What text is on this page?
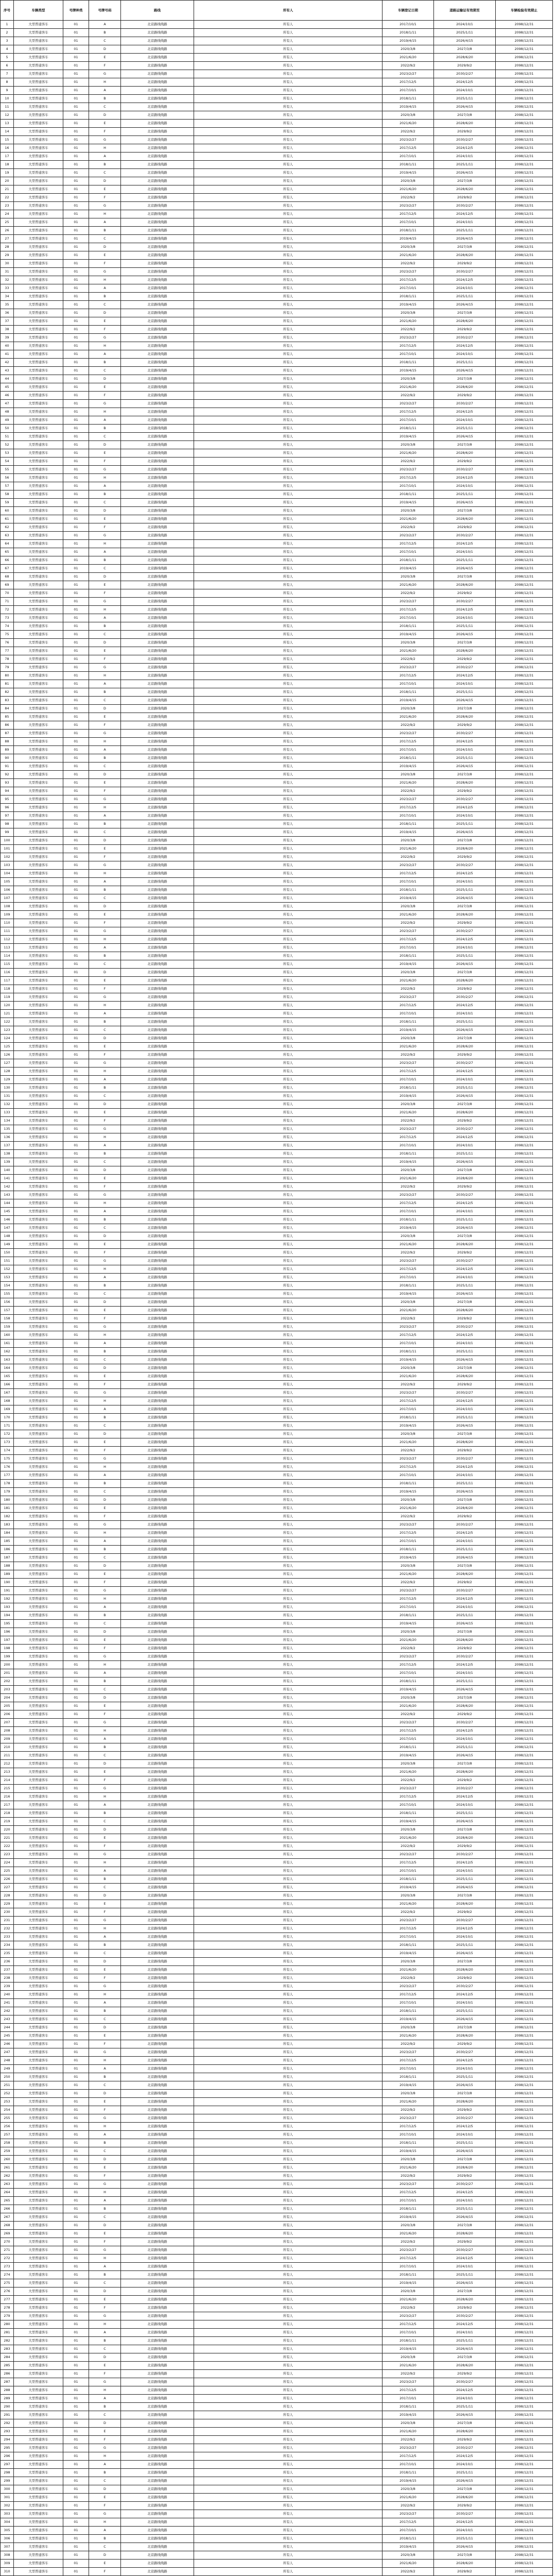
序号	车辆类型	号牌种类	号牌号码	路线	所有人	车辆登记日期	道路运输证有效期至	车辆检验有效期止
1	大型普通客车	01	A	北京路线线路	所有人	2017/10/1	2024/10/1	2098/12/31
2	大型普通客车	01	B	北京路线线路	所有人	2018/1/11	2025/1/11	2098/12/31
3	大型普通客车	01	C	北京路线线路	所有人	2019/4/15	2026/4/15	2098/12/31
4	大型普通客车	01	D	北京路线线路	所有人	2020/3/8	2027/3/8	2098/12/31
5	大型普通客车	01	E	北京路线线路	所有人	2021/6/20	2028/6/20	2098/12/31
6	大型普通客车	01	F	北京路线线路	所有人	2022/9/2	2029/9/2	2098/12/31
7	大型普通客车	01	G	北京路线线路	所有人	2023/2/27	2030/2/27	2098/12/31
8	大型普通客车	01	H	北京路线线路	所有人	2017/12/5	2024/12/5	2098/12/31
9	大型普通客车	01	A	北京路线线路	所有人	2017/10/1	2024/10/1	2098/12/31
10	大型普通客车	01	B	北京路线线路	所有人	2018/1/11	2025/1/11	2098/12/31
11	大型普通客车	01	C	北京路线线路	所有人	2019/4/15	2026/4/15	2098/12/31
12	大型普通客车	01	D	北京路线线路	所有人	2020/3/8	2027/3/8	2098/12/31
13	大型普通客车	01	E	北京路线线路	所有人	2021/6/20	2028/6/20	2098/12/31
14	大型普通客车	01	F	北京路线线路	所有人	2022/9/2	2029/9/2	2098/12/31
15	大型普通客车	01	G	北京路线线路	所有人	2023/2/27	2030/2/27	2098/12/31
16	大型普通客车	01	H	北京路线线路	所有人	2017/12/5	2024/12/5	2098/12/31
17	大型普通客车	01	A	北京路线线路	所有人	2017/10/1	2024/10/1	2098/12/31
18	大型普通客车	01	B	北京路线线路	所有人	2018/1/11	2025/1/11	2098/12/31
19	大型普通客车	01	C	北京路线线路	所有人	2019/4/15	2026/4/15	2098/12/31
20	大型普通客车	01	D	北京路线线路	所有人	2020/3/8	2027/3/8	2098/12/31
21	大型普通客车	01	E	北京路线线路	所有人	2021/6/20	2028/6/20	2098/12/31
22	大型普通客车	01	F	北京路线线路	所有人	2022/9/2	2029/9/2	2098/12/31
23	大型普通客车	01	G	北京路线线路	所有人	2023/2/27	2030/2/27	2098/12/31
24	大型普通客车	01	H	北京路线线路	所有人	2017/12/5	2024/12/5	2098/12/31
25	大型普通客车	01	A	北京路线线路	所有人	2017/10/1	2024/10/1	2098/12/31
26	大型普通客车	01	B	北京路线线路	所有人	2018/1/11	2025/1/11	2098/12/31
27	大型普通客车	01	C	北京路线线路	所有人	2019/4/15	2026/4/15	2098/12/31
28	大型普通客车	01	D	北京路线线路	所有人	2020/3/8	2027/3/8	2098/12/31
29	大型普通客车	01	E	北京路线线路	所有人	2021/6/20	2028/6/20	2098/12/31
30	大型普通客车	01	F	北京路线线路	所有人	2022/9/2	2029/9/2	2098/12/31
31	大型普通客车	01	G	北京路线线路	所有人	2023/2/27	2030/2/27	2098/12/31
32	大型普通客车	01	H	北京路线线路	所有人	2017/12/5	2024/12/5	2098/12/31
33	大型普通客车	01	A	北京路线线路	所有人	2017/10/1	2024/10/1	2098/12/31
34	大型普通客车	01	B	北京路线线路	所有人	2018/1/11	2025/1/11	2098/12/31
35	大型普通客车	01	C	北京路线线路	所有人	2019/4/15	2026/4/15	2098/12/31
36	大型普通客车	01	D	北京路线线路	所有人	2020/3/8	2027/3/8	2098/12/31
37	大型普通客车	01	E	北京路线线路	所有人	2021/6/20	2028/6/20	2098/12/31
38	大型普通客车	01	F	北京路线线路	所有人	2022/9/2	2029/9/2	2098/12/31
39	大型普通客车	01	G	北京路线线路	所有人	2023/2/27	2030/2/27	2098/12/31
40	大型普通客车	01	H	北京路线线路	所有人	2017/12/5	2024/12/5	2098/12/31
41	大型普通客车	01	A	北京路线线路	所有人	2017/10/1	2024/10/1	2098/12/31
42	大型普通客车	01	B	北京路线线路	所有人	2018/1/11	2025/1/11	2098/12/31
43	大型普通客车	01	C	北京路线线路	所有人	2019/4/15	2026/4/15	2098/12/31
44	大型普通客车	01	D	北京路线线路	所有人	2020/3/8	2027/3/8	2098/12/31
45	大型普通客车	01	E	北京路线线路	所有人	2021/6/20	2028/6/20	2098/12/31
46	大型普通客车	01	F	北京路线线路	所有人	2022/9/2	2029/9/2	2098/12/31
47	大型普通客车	01	G	北京路线线路	所有人	2023/2/27	2030/2/27	2098/12/31
48	大型普通客车	01	H	北京路线线路	所有人	2017/12/5	2024/12/5	2098/12/31
49	大型普通客车	01	A	北京路线线路	所有人	2017/10/1	2024/10/1	2098/12/31
50	大型普通客车	01	B	北京路线线路	所有人	2018/1/11	2025/1/11	2098/12/31
51	大型普通客车	01	C	北京路线线路	所有人	2019/4/15	2026/4/15	2098/12/31
52	大型普通客车	01	D	北京路线线路	所有人	2020/3/8	2027/3/8	2098/12/31
53	大型普通客车	01	E	北京路线线路	所有人	2021/6/20	2028/6/20	2098/12/31
54	大型普通客车	01	F	北京路线线路	所有人	2022/9/2	2029/9/2	2098/12/31
55	大型普通客车	01	G	北京路线线路	所有人	2023/2/27	2030/2/27	2098/12/31
56	大型普通客车	01	H	北京路线线路	所有人	2017/12/5	2024/12/5	2098/12/31
57	大型普通客车	01	A	北京路线线路	所有人	2017/10/1	2024/10/1	2098/12/31
58	大型普通客车	01	B	北京路线线路	所有人	2018/1/11	2025/1/11	2098/12/31
59	大型普通客车	01	C	北京路线线路	所有人	2019/4/15	2026/4/15	2098/12/31
60	大型普通客车	01	D	北京路线线路	所有人	2020/3/8	2027/3/8	2098/12/31
61	大型普通客车	01	E	北京路线线路	所有人	2021/6/20	2028/6/20	2098/12/31
62	大型普通客车	01	F	北京路线线路	所有人	2022/9/2	2029/9/2	2098/12/31
63	大型普通客车	01	G	北京路线线路	所有人	2023/2/27	2030/2/27	2098/12/31
64	大型普通客车	01	H	北京路线线路	所有人	2017/12/5	2024/12/5	2098/12/31
65	大型普通客车	01	A	北京路线线路	所有人	2017/10/1	2024/10/1	2098/12/31
66	大型普通客车	01	B	北京路线线路	所有人	2018/1/11	2025/1/11	2098/12/31
67	大型普通客车	01	C	北京路线线路	所有人	2019/4/15	2026/4/15	2098/12/31
68	大型普通客车	01	D	北京路线线路	所有人	2020/3/8	2027/3/8	2098/12/31
69	大型普通客车	01	E	北京路线线路	所有人	2021/6/20	2028/6/20	2098/12/31
70	大型普通客车	01	F	北京路线线路	所有人	2022/9/2	2029/9/2	2098/12/31
71	大型普通客车	01	G	北京路线线路	所有人	2023/2/27	2030/2/27	2098/12/31
72	大型普通客车	01	H	北京路线线路	所有人	2017/12/5	2024/12/5	2098/12/31
73	大型普通客车	01	A	北京路线线路	所有人	2017/10/1	2024/10/1	2098/12/31
74	大型普通客车	01	B	北京路线线路	所有人	2018/1/11	2025/1/11	2098/12/31
75	大型普通客车	01	C	北京路线线路	所有人	2019/4/15	2026/4/15	2098/12/31
76	大型普通客车	01	D	北京路线线路	所有人	2020/3/8	2027/3/8	2098/12/31
77	大型普通客车	01	E	北京路线线路	所有人	2021/6/20	2028/6/20	2098/12/31
78	大型普通客车	01	F	北京路线线路	所有人	2022/9/2	2029/9/2	2098/12/31
79	大型普通客车	01	G	北京路线线路	所有人	2023/2/27	2030/2/27	2098/12/31
80	大型普通客车	01	H	北京路线线路	所有人	2017/12/5	2024/12/5	2098/12/31
81	大型普通客车	01	A	北京路线线路	所有人	2017/10/1	2024/10/1	2098/12/31
82	大型普通客车	01	B	北京路线线路	所有人	2018/1/11	2025/1/11	2098/12/31
83	大型普通客车	01	C	北京路线线路	所有人	2019/4/15	2026/4/15	2098/12/31
84	大型普通客车	01	D	北京路线线路	所有人	2020/3/8	2027/3/8	2098/12/31
85	大型普通客车	01	E	北京路线线路	所有人	2021/6/20	2028/6/20	2098/12/31
86	大型普通客车	01	F	北京路线线路	所有人	2022/9/2	2029/9/2	2098/12/31
87	大型普通客车	01	G	北京路线线路	所有人	2023/2/27	2030/2/27	2098/12/31
88	大型普通客车	01	H	北京路线线路	所有人	2017/12/5	2024/12/5	2098/12/31
89	大型普通客车	01	A	北京路线线路	所有人	2017/10/1	2024/10/1	2098/12/31
90	大型普通客车	01	B	北京路线线路	所有人	2018/1/11	2025/1/11	2098/12/31
91	大型普通客车	01	C	北京路线线路	所有人	2019/4/15	2026/4/15	2098/12/31
92	大型普通客车	01	D	北京路线线路	所有人	2020/3/8	2027/3/8	2098/12/31
93	大型普通客车	01	E	北京路线线路	所有人	2021/6/20	2028/6/20	2098/12/31
94	大型普通客车	01	F	北京路线线路	所有人	2022/9/2	2029/9/2	2098/12/31
95	大型普通客车	01	G	北京路线线路	所有人	2023/2/27	2030/2/27	2098/12/31
96	大型普通客车	01	H	北京路线线路	所有人	2017/12/5	2024/12/5	2098/12/31
97	大型普通客车	01	A	北京路线线路	所有人	2017/10/1	2024/10/1	2098/12/31
98	大型普通客车	01	B	北京路线线路	所有人	2018/1/11	2025/1/11	2098/12/31
99	大型普通客车	01	C	北京路线线路	所有人	2019/4/15	2026/4/15	2098/12/31
100	大型普通客车	01	D	北京路线线路	所有人	2020/3/8	2027/3/8	2098/12/31
101	大型普通客车	01	E	北京路线线路	所有人	2021/6/20	2028/6/20	2098/12/31
102	大型普通客车	01	F	北京路线线路	所有人	2022/9/2	2029/9/2	2098/12/31
103	大型普通客车	01	G	北京路线线路	所有人	2023/2/27	2030/2/27	2098/12/31
104	大型普通客车	01	H	北京路线线路	所有人	2017/12/5	2024/12/5	2098/12/31
105	大型普通客车	01	A	北京路线线路	所有人	2017/10/1	2024/10/1	2098/12/31
106	大型普通客车	01	B	北京路线线路	所有人	2018/1/11	2025/1/11	2098/12/31
107	大型普通客车	01	C	北京路线线路	所有人	2019/4/15	2026/4/15	2098/12/31
108	大型普通客车	01	D	北京路线线路	所有人	2020/3/8	2027/3/8	2098/12/31
109	大型普通客车	01	E	北京路线线路	所有人	2021/6/20	2028/6/20	2098/12/31
110	大型普通客车	01	F	北京路线线路	所有人	2022/9/2	2029/9/2	2098/12/31
111	大型普通客车	01	G	北京路线线路	所有人	2023/2/27	2030/2/27	2098/12/31
112	大型普通客车	01	H	北京路线线路	所有人	2017/12/5	2024/12/5	2098/12/31
113	大型普通客车	01	A	北京路线线路	所有人	2017/10/1	2024/10/1	2098/12/31
114	大型普通客车	01	B	北京路线线路	所有人	2018/1/11	2025/1/11	2098/12/31
115	大型普通客车	01	C	北京路线线路	所有人	2019/4/15	2026/4/15	2098/12/31
116	大型普通客车	01	D	北京路线线路	所有人	2020/3/8	2027/3/8	2098/12/31
117	大型普通客车	01	E	北京路线线路	所有人	2021/6/20	2028/6/20	2098/12/31
118	大型普通客车	01	F	北京路线线路	所有人	2022/9/2	2029/9/2	2098/12/31
119	大型普通客车	01	G	北京路线线路	所有人	2023/2/27	2030/2/27	2098/12/31
120	大型普通客车	01	H	北京路线线路	所有人	2017/12/5	2024/12/5	2098/12/31
121	大型普通客车	01	A	北京路线线路	所有人	2017/10/1	2024/10/1	2098/12/31
122	大型普通客车	01	B	北京路线线路	所有人	2018/1/11	2025/1/11	2098/12/31
123	大型普通客车	01	C	北京路线线路	所有人	2019/4/15	2026/4/15	2098/12/31
124	大型普通客车	01	D	北京路线线路	所有人	2020/3/8	2027/3/8	2098/12/31
125	大型普通客车	01	E	北京路线线路	所有人	2021/6/20	2028/6/20	2098/12/31
126	大型普通客车	01	F	北京路线线路	所有人	2022/9/2	2029/9/2	2098/12/31
127	大型普通客车	01	G	北京路线线路	所有人	2023/2/27	2030/2/27	2098/12/31
128	大型普通客车	01	H	北京路线线路	所有人	2017/12/5	2024/12/5	2098/12/31
129	大型普通客车	01	A	北京路线线路	所有人	2017/10/1	2024/10/1	2098/12/31
130	大型普通客车	01	B	北京路线线路	所有人	2018/1/11	2025/1/11	2098/12/31
131	大型普通客车	01	C	北京路线线路	所有人	2019/4/15	2026/4/15	2098/12/31
132	大型普通客车	01	D	北京路线线路	所有人	2020/3/8	2027/3/8	2098/12/31
133	大型普通客车	01	E	北京路线线路	所有人	2021/6/20	2028/6/20	2098/12/31
134	大型普通客车	01	F	北京路线线路	所有人	2022/9/2	2029/9/2	2098/12/31
135	大型普通客车	01	G	北京路线线路	所有人	2023/2/27	2030/2/27	2098/12/31
136	大型普通客车	01	H	北京路线线路	所有人	2017/12/5	2024/12/5	2098/12/31
137	大型普通客车	01	A	北京路线线路	所有人	2017/10/1	2024/10/1	2098/12/31
138	大型普通客车	01	B	北京路线线路	所有人	2018/1/11	2025/1/11	2098/12/31
139	大型普通客车	01	C	北京路线线路	所有人	2019/4/15	2026/4/15	2098/12/31
140	大型普通客车	01	D	北京路线线路	所有人	2020/3/8	2027/3/8	2098/12/31
141	大型普通客车	01	E	北京路线线路	所有人	2021/6/20	2028/6/20	2098/12/31
142	大型普通客车	01	F	北京路线线路	所有人	2022/9/2	2029/9/2	2098/12/31
143	大型普通客车	01	G	北京路线线路	所有人	2023/2/27	2030/2/27	2098/12/31
144	大型普通客车	01	H	北京路线线路	所有人	2017/12/5	2024/12/5	2098/12/31
145	大型普通客车	01	A	北京路线线路	所有人	2017/10/1	2024/10/1	2098/12/31
146	大型普通客车	01	B	北京路线线路	所有人	2018/1/11	2025/1/11	2098/12/31
147	大型普通客车	01	C	北京路线线路	所有人	2019/4/15	2026/4/15	2098/12/31
148	大型普通客车	01	D	北京路线线路	所有人	2020/3/8	2027/3/8	2098/12/31
149	大型普通客车	01	E	北京路线线路	所有人	2021/6/20	2028/6/20	2098/12/31
150	大型普通客车	01	F	北京路线线路	所有人	2022/9/2	2029/9/2	2098/12/31
151	大型普通客车	01	G	北京路线线路	所有人	2023/2/27	2030/2/27	2098/12/31
152	大型普通客车	01	H	北京路线线路	所有人	2017/12/5	2024/12/5	2098/12/31
153	大型普通客车	01	A	北京路线线路	所有人	2017/10/1	2024/10/1	2098/12/31
154	大型普通客车	01	B	北京路线线路	所有人	2018/1/11	2025/1/11	2098/12/31
155	大型普通客车	01	C	北京路线线路	所有人	2019/4/15	2026/4/15	2098/12/31
156	大型普通客车	01	D	北京路线线路	所有人	2020/3/8	2027/3/8	2098/12/31
157	大型普通客车	01	E	北京路线线路	所有人	2021/6/20	2028/6/20	2098/12/31
158	大型普通客车	01	F	北京路线线路	所有人	2022/9/2	2029/9/2	2098/12/31
159	大型普通客车	01	G	北京路线线路	所有人	2023/2/27	2030/2/27	2098/12/31
160	大型普通客车	01	H	北京路线线路	所有人	2017/12/5	2024/12/5	2098/12/31
161	大型普通客车	01	A	北京路线线路	所有人	2017/10/1	2024/10/1	2098/12/31
162	大型普通客车	01	B	北京路线线路	所有人	2018/1/11	2025/1/11	2098/12/31
163	大型普通客车	01	C	北京路线线路	所有人	2019/4/15	2026/4/15	2098/12/31
164	大型普通客车	01	D	北京路线线路	所有人	2020/3/8	2027/3/8	2098/12/31
165	大型普通客车	01	E	北京路线线路	所有人	2021/6/20	2028/6/20	2098/12/31
166	大型普通客车	01	F	北京路线线路	所有人	2022/9/2	2029/9/2	2098/12/31
167	大型普通客车	01	G	北京路线线路	所有人	2023/2/27	2030/2/27	2098/12/31
168	大型普通客车	01	H	北京路线线路	所有人	2017/12/5	2024/12/5	2098/12/31
169	大型普通客车	01	A	北京路线线路	所有人	2017/10/1	2024/10/1	2098/12/31
170	大型普通客车	01	B	北京路线线路	所有人	2018/1/11	2025/1/11	2098/12/31
171	大型普通客车	01	C	北京路线线路	所有人	2019/4/15	2026/4/15	2098/12/31
172	大型普通客车	01	D	北京路线线路	所有人	2020/3/8	2027/3/8	2098/12/31
173	大型普通客车	01	E	北京路线线路	所有人	2021/6/20	2028/6/20	2098/12/31
174	大型普通客车	01	F	北京路线线路	所有人	2022/9/2	2029/9/2	2098/12/31
175	大型普通客车	01	G	北京路线线路	所有人	2023/2/27	2030/2/27	2098/12/31
176	大型普通客车	01	H	北京路线线路	所有人	2017/12/5	2024/12/5	2098/12/31
177	大型普通客车	01	A	北京路线线路	所有人	2017/10/1	2024/10/1	2098/12/31
178	大型普通客车	01	B	北京路线线路	所有人	2018/1/11	2025/1/11	2098/12/31
179	大型普通客车	01	C	北京路线线路	所有人	2019/4/15	2026/4/15	2098/12/31
180	大型普通客车	01	D	北京路线线路	所有人	2020/3/8	2027/3/8	2098/12/31
181	大型普通客车	01	E	北京路线线路	所有人	2021/6/20	2028/6/20	2098/12/31
182	大型普通客车	01	F	北京路线线路	所有人	2022/9/2	2029/9/2	2098/12/31
183	大型普通客车	01	G	北京路线线路	所有人	2023/2/27	2030/2/27	2098/12/31
184	大型普通客车	01	H	北京路线线路	所有人	2017/12/5	2024/12/5	2098/12/31
185	大型普通客车	01	A	北京路线线路	所有人	2017/10/1	2024/10/1	2098/12/31
186	大型普通客车	01	B	北京路线线路	所有人	2018/1/11	2025/1/11	2098/12/31
187	大型普通客车	01	C	北京路线线路	所有人	2019/4/15	2026/4/15	2098/12/31
188	大型普通客车	01	D	北京路线线路	所有人	2020/3/8	2027/3/8	2098/12/31
189	大型普通客车	01	E	北京路线线路	所有人	2021/6/20	2028/6/20	2098/12/31
190	大型普通客车	01	F	北京路线线路	所有人	2022/9/2	2029/9/2	2098/12/31
191	大型普通客车	01	G	北京路线线路	所有人	2023/2/27	2030/2/27	2098/12/31
192	大型普通客车	01	H	北京路线线路	所有人	2017/12/5	2024/12/5	2098/12/31
193	大型普通客车	01	A	北京路线线路	所有人	2017/10/1	2024/10/1	2098/12/31
194	大型普通客车	01	B	北京路线线路	所有人	2018/1/11	2025/1/11	2098/12/31
195	大型普通客车	01	C	北京路线线路	所有人	2019/4/15	2026/4/15	2098/12/31
196	大型普通客车	01	D	北京路线线路	所有人	2020/3/8	2027/3/8	2098/12/31
197	大型普通客车	01	E	北京路线线路	所有人	2021/6/20	2028/6/20	2098/12/31
198	大型普通客车	01	F	北京路线线路	所有人	2022/9/2	2029/9/2	2098/12/31
199	大型普通客车	01	G	北京路线线路	所有人	2023/2/27	2030/2/27	2098/12/31
200	大型普通客车	01	H	北京路线线路	所有人	2017/12/5	2024/12/5	2098/12/31
201	大型普通客车	01	A	北京路线线路	所有人	2017/10/1	2024/10/1	2098/12/31
202	大型普通客车	01	B	北京路线线路	所有人	2018/1/11	2025/1/11	2098/12/31
203	大型普通客车	01	C	北京路线线路	所有人	2019/4/15	2026/4/15	2098/12/31
204	大型普通客车	01	D	北京路线线路	所有人	2020/3/8	2027/3/8	2098/12/31
205	大型普通客车	01	E	北京路线线路	所有人	2021/6/20	2028/6/20	2098/12/31
206	大型普通客车	01	F	北京路线线路	所有人	2022/9/2	2029/9/2	2098/12/31
207	大型普通客车	01	G	北京路线线路	所有人	2023/2/27	2030/2/27	2098/12/31
208	大型普通客车	01	H	北京路线线路	所有人	2017/12/5	2024/12/5	2098/12/31
209	大型普通客车	01	A	北京路线线路	所有人	2017/10/1	2024/10/1	2098/12/31
210	大型普通客车	01	B	北京路线线路	所有人	2018/1/11	2025/1/11	2098/12/31
211	大型普通客车	01	C	北京路线线路	所有人	2019/4/15	2026/4/15	2098/12/31
212	大型普通客车	01	D	北京路线线路	所有人	2020/3/8	2027/3/8	2098/12/31
213	大型普通客车	01	E	北京路线线路	所有人	2021/6/20	2028/6/20	2098/12/31
214	大型普通客车	01	F	北京路线线路	所有人	2022/9/2	2029/9/2	2098/12/31
215	大型普通客车	01	G	北京路线线路	所有人	2023/2/27	2030/2/27	2098/12/31
216	大型普通客车	01	H	北京路线线路	所有人	2017/12/5	2024/12/5	2098/12/31
217	大型普通客车	01	A	北京路线线路	所有人	2017/10/1	2024/10/1	2098/12/31
218	大型普通客车	01	B	北京路线线路	所有人	2018/1/11	2025/1/11	2098/12/31
219	大型普通客车	01	C	北京路线线路	所有人	2019/4/15	2026/4/15	2098/12/31
220	大型普通客车	01	D	北京路线线路	所有人	2020/3/8	2027/3/8	2098/12/31
221	大型普通客车	01	E	北京路线线路	所有人	2021/6/20	2028/6/20	2098/12/31
222	大型普通客车	01	F	北京路线线路	所有人	2022/9/2	2029/9/2	2098/12/31
223	大型普通客车	01	G	北京路线线路	所有人	2023/2/27	2030/2/27	2098/12/31
224	大型普通客车	01	H	北京路线线路	所有人	2017/12/5	2024/12/5	2098/12/31
225	大型普通客车	01	A	北京路线线路	所有人	2017/10/1	2024/10/1	2098/12/31
226	大型普通客车	01	B	北京路线线路	所有人	2018/1/11	2025/1/11	2098/12/31
227	大型普通客车	01	C	北京路线线路	所有人	2019/4/15	2026/4/15	2098/12/31
228	大型普通客车	01	D	北京路线线路	所有人	2020/3/8	2027/3/8	2098/12/31
229	大型普通客车	01	E	北京路线线路	所有人	2021/6/20	2028/6/20	2098/12/31
230	大型普通客车	01	F	北京路线线路	所有人	2022/9/2	2029/9/2	2098/12/31
231	大型普通客车	01	G	北京路线线路	所有人	2023/2/27	2030/2/27	2098/12/31
232	大型普通客车	01	H	北京路线线路	所有人	2017/12/5	2024/12/5	2098/12/31
233	大型普通客车	01	A	北京路线线路	所有人	2017/10/1	2024/10/1	2098/12/31
234	大型普通客车	01	B	北京路线线路	所有人	2018/1/11	2025/1/11	2098/12/31
235	大型普通客车	01	C	北京路线线路	所有人	2019/4/15	2026/4/15	2098/12/31
236	大型普通客车	01	D	北京路线线路	所有人	2020/3/8	2027/3/8	2098/12/31
237	大型普通客车	01	E	北京路线线路	所有人	2021/6/20	2028/6/20	2098/12/31
238	大型普通客车	01	F	北京路线线路	所有人	2022/9/2	2029/9/2	2098/12/31
239	大型普通客车	01	G	北京路线线路	所有人	2023/2/27	2030/2/27	2098/12/31
240	大型普通客车	01	H	北京路线线路	所有人	2017/12/5	2024/12/5	2098/12/31
241	大型普通客车	01	A	北京路线线路	所有人	2017/10/1	2024/10/1	2098/12/31
242	大型普通客车	01	B	北京路线线路	所有人	2018/1/11	2025/1/11	2098/12/31
243	大型普通客车	01	C	北京路线线路	所有人	2019/4/15	2026/4/15	2098/12/31
244	大型普通客车	01	D	北京路线线路	所有人	2020/3/8	2027/3/8	2098/12/31
245	大型普通客车	01	E	北京路线线路	所有人	2021/6/20	2028/6/20	2098/12/31
246	大型普通客车	01	F	北京路线线路	所有人	2022/9/2	2029/9/2	2098/12/31
247	大型普通客车	01	G	北京路线线路	所有人	2023/2/27	2030/2/27	2098/12/31
248	大型普通客车	01	H	北京路线线路	所有人	2017/12/5	2024/12/5	2098/12/31
249	大型普通客车	01	A	北京路线线路	所有人	2017/10/1	2024/10/1	2098/12/31
250	大型普通客车	01	B	北京路线线路	所有人	2018/1/11	2025/1/11	2098/12/31
251	大型普通客车	01	C	北京路线线路	所有人	2019/4/15	2026/4/15	2098/12/31
252	大型普通客车	01	D	北京路线线路	所有人	2020/3/8	2027/3/8	2098/12/31
253	大型普通客车	01	E	北京路线线路	所有人	2021/6/20	2028/6/20	2098/12/31
254	大型普通客车	01	F	北京路线线路	所有人	2022/9/2	2029/9/2	2098/12/31
255	大型普通客车	01	G	北京路线线路	所有人	2023/2/27	2030/2/27	2098/12/31
256	大型普通客车	01	H	北京路线线路	所有人	2017/12/5	2024/12/5	2098/12/31
257	大型普通客车	01	A	北京路线线路	所有人	2017/10/1	2024/10/1	2098/12/31
258	大型普通客车	01	B	北京路线线路	所有人	2018/1/11	2025/1/11	2098/12/31
259	大型普通客车	01	C	北京路线线路	所有人	2019/4/15	2026/4/15	2098/12/31
260	大型普通客车	01	D	北京路线线路	所有人	2020/3/8	2027/3/8	2098/12/31
261	大型普通客车	01	E	北京路线线路	所有人	2021/6/20	2028/6/20	2098/12/31
262	大型普通客车	01	F	北京路线线路	所有人	2022/9/2	2029/9/2	2098/12/31
263	大型普通客车	01	G	北京路线线路	所有人	2023/2/27	2030/2/27	2098/12/31
264	大型普通客车	01	H	北京路线线路	所有人	2017/12/5	2024/12/5	2098/12/31
265	大型普通客车	01	A	北京路线线路	所有人	2017/10/1	2024/10/1	2098/12/31
266	大型普通客车	01	B	北京路线线路	所有人	2018/1/11	2025/1/11	2098/12/31
267	大型普通客车	01	C	北京路线线路	所有人	2019/4/15	2026/4/15	2098/12/31
268	大型普通客车	01	D	北京路线线路	所有人	2020/3/8	2027/3/8	2098/12/31
269	大型普通客车	01	E	北京路线线路	所有人	2021/6/20	2028/6/20	2098/12/31
270	大型普通客车	01	F	北京路线线路	所有人	2022/9/2	2029/9/2	2098/12/31
271	大型普通客车	01	G	北京路线线路	所有人	2023/2/27	2030/2/27	2098/12/31
272	大型普通客车	01	H	北京路线线路	所有人	2017/12/5	2024/12/5	2098/12/31
273	大型普通客车	01	A	北京路线线路	所有人	2017/10/1	2024/10/1	2098/12/31
274	大型普通客车	01	B	北京路线线路	所有人	2018/1/11	2025/1/11	2098/12/31
275	大型普通客车	01	C	北京路线线路	所有人	2019/4/15	2026/4/15	2098/12/31
276	大型普通客车	01	D	北京路线线路	所有人	2020/3/8	2027/3/8	2098/12/31
277	大型普通客车	01	E	北京路线线路	所有人	2021/6/20	2028/6/20	2098/12/31
278	大型普通客车	01	F	北京路线线路	所有人	2022/9/2	2029/9/2	2098/12/31
279	大型普通客车	01	G	北京路线线路	所有人	2023/2/27	2030/2/27	2098/12/31
280	大型普通客车	01	H	北京路线线路	所有人	2017/12/5	2024/12/5	2098/12/31
281	大型普通客车	01	A	北京路线线路	所有人	2017/10/1	2024/10/1	2098/12/31
282	大型普通客车	01	B	北京路线线路	所有人	2018/1/11	2025/1/11	2098/12/31
283	大型普通客车	01	C	北京路线线路	所有人	2019/4/15	2026/4/15	2098/12/31
284	大型普通客车	01	D	北京路线线路	所有人	2020/3/8	2027/3/8	2098/12/31
285	大型普通客车	01	E	北京路线线路	所有人	2021/6/20	2028/6/20	2098/12/31
286	大型普通客车	01	F	北京路线线路	所有人	2022/9/2	2029/9/2	2098/12/31
287	大型普通客车	01	G	北京路线线路	所有人	2023/2/27	2030/2/27	2098/12/31
288	大型普通客车	01	H	北京路线线路	所有人	2017/12/5	2024/12/5	2098/12/31
289	大型普通客车	01	A	北京路线线路	所有人	2017/10/1	2024/10/1	2098/12/31
290	大型普通客车	01	B	北京路线线路	所有人	2018/1/11	2025/1/11	2098/12/31
291	大型普通客车	01	C	北京路线线路	所有人	2019/4/15	2026/4/15	2098/12/31
292	大型普通客车	01	D	北京路线线路	所有人	2020/3/8	2027/3/8	2098/12/31
293	大型普通客车	01	E	北京路线线路	所有人	2021/6/20	2028/6/20	2098/12/31
294	大型普通客车	01	F	北京路线线路	所有人	2022/9/2	2029/9/2	2098/12/31
295	大型普通客车	01	G	北京路线线路	所有人	2023/2/27	2030/2/27	2098/12/31
296	大型普通客车	01	H	北京路线线路	所有人	2017/12/5	2024/12/5	2098/12/31
297	大型普通客车	01	A	北京路线线路	所有人	2017/10/1	2024/10/1	2098/12/31
298	大型普通客车	01	B	北京路线线路	所有人	2018/1/11	2025/1/11	2098/12/31
299	大型普通客车	01	C	北京路线线路	所有人	2019/4/15	2026/4/15	2098/12/31
300	大型普通客车	01	D	北京路线线路	所有人	2020/3/8	2027/3/8	2098/12/31
301	大型普通客车	01	E	北京路线线路	所有人	2021/6/20	2028/6/20	2098/12/31
302	大型普通客车	01	F	北京路线线路	所有人	2022/9/2	2029/9/2	2098/12/31
303	大型普通客车	01	G	北京路线线路	所有人	2023/2/27	2030/2/27	2098/12/31
304	大型普通客车	01	H	北京路线线路	所有人	2017/12/5	2024/12/5	2098/12/31
305	大型普通客车	01	A	北京路线线路	所有人	2017/10/1	2024/10/1	2098/12/31
306	大型普通客车	01	B	北京路线线路	所有人	2018/1/11	2025/1/11	2098/12/31
307	大型普通客车	01	C	北京路线线路	所有人	2019/4/15	2026/4/15	2098/12/31
308	大型普通客车	01	D	北京路线线路	所有人	2020/3/8	2027/3/8	2098/12/31
309	大型普通客车	01	E	北京路线线路	所有人	2021/6/20	2028/6/20	2098/12/31
310	大型普通客车	01	F	北京路线线路	所有人	2022/9/2	2029/9/2	2098/12/31
